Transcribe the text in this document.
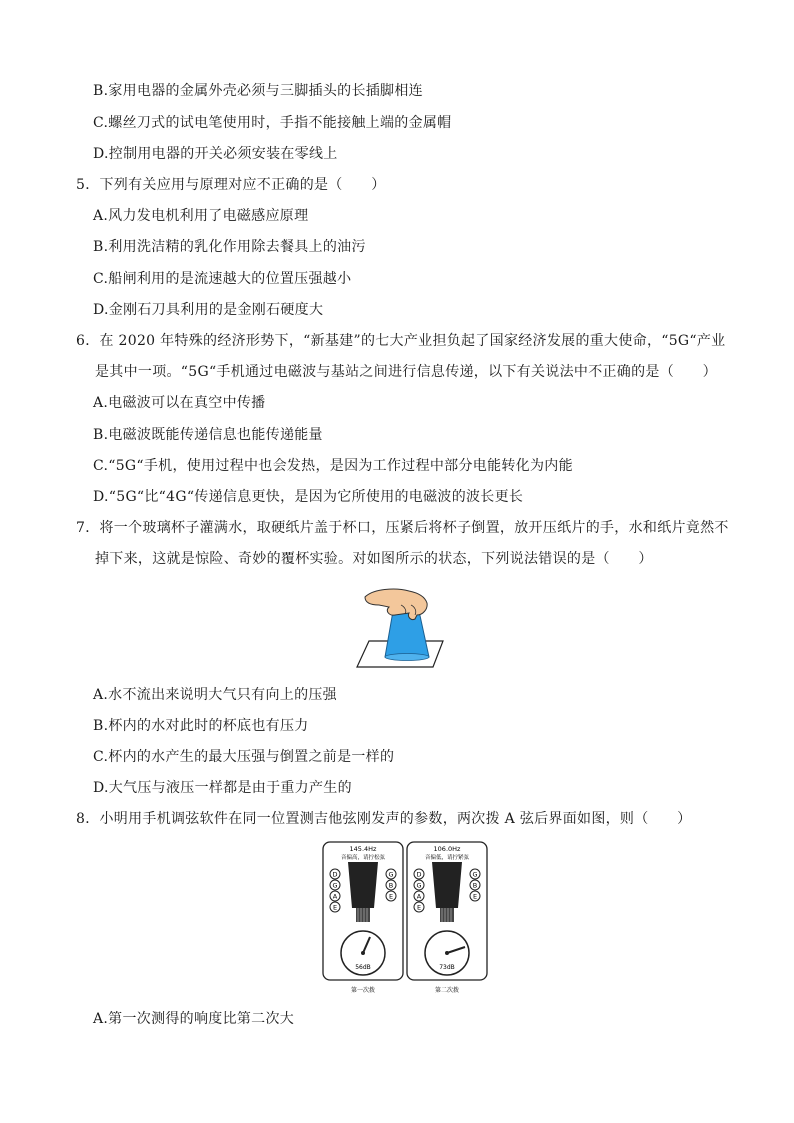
B.家用电器的金属外壳必须与三脚插头的长插脚相连
C.螺丝刀式的试电笔使用时，手指不能接触上端的金属帽
D.控制用电器的开关必须安装在零线上
5．下列有关应用与原理对应不正确的是（　　）
A.风力发电机利用了电磁感应原理
B.利用洗洁精的乳化作用除去餐具上的油污
C.船闸利用的是流速越大的位置压强越小
D.金刚石刀具利用的是金刚石硬度大
6．在 2020 年特殊的经济形势下，“新基建”的七大产业担负起了国家经济发展的重大使命，“5G“产业
是其中一项。“5G“手机通过电磁波与基站之间进行信息传递，以下有关说法中不正确的是（　　）
A.电磁波可以在真空中传播
B.电磁波既能传递信息也能传递能量
C.“5G“手机，使用过程中也会发热，是因为工作过程中部分电能转化为内能
D.“5G“比“4G“传递信息更快，是因为它所使用的电磁波的波长更长
7．将一个玻璃杯子灌满水，取硬纸片盖于杯口，压紧后将杯子倒置，放开压纸片的手，水和纸片竟然不
掉下来，这就是惊险、奇妙的覆杯实验。对如图所示的状态，下列说法错误的是（　　）
A.水不流出来说明大气只有向上的压强
B.杯内的水对此时的杯底也有压力
C.杯内的水产生的最大压强与倒置之前是一样的
D.大气压与液压一样都是由于重力产生的
8．小明用手机调弦软件在同一位置测吉他弦刚发声的参数，两次拨 A 弦后界面如图，则（　　）
145.4Hz
音偏高，请拧松弦
D
G
A
E
G
B
E
56dB
第一次拨
106.0Hz
音偏低，请拧紧弦
D
G
A
E
G
B
E
73dB
第二次拨
A.第一次测得的响度比第二次大
